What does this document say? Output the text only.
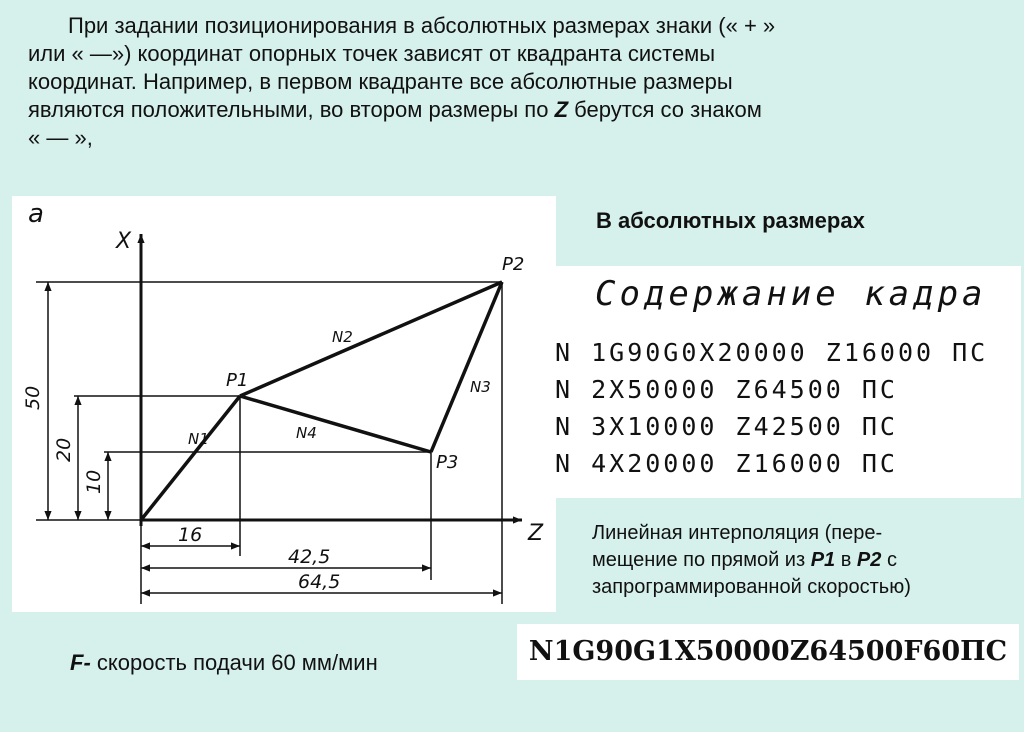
При задании позиционирования в абсолютных размерах знаки (« + »

или « —») координат опорных точек зависят от квадранта системы

координат. Например, в первом квадранте все абсолютные размеры

являются положительными, во втором размеры по Z берутся со знаком

« — »,

а
X
Z
P1
P2
P3
N1
N2
N3
N4
50
20
10
16
42,5
64,5
В абсолютных размерах
Содержание кадра
N 1G90G0X20000 Z16000 ПС
N 2X50000 Z64500 ПС
N 3X10000 Z42500 ПС
N 4X20000 Z16000 ПС
Линейная интерполяция (пере-
мещение по прямой из P1 в P2 с
запрограммированной скоростью)
N1G90G1X50000Z64500F60ПС
F- скорость подачи 60 мм/мин
